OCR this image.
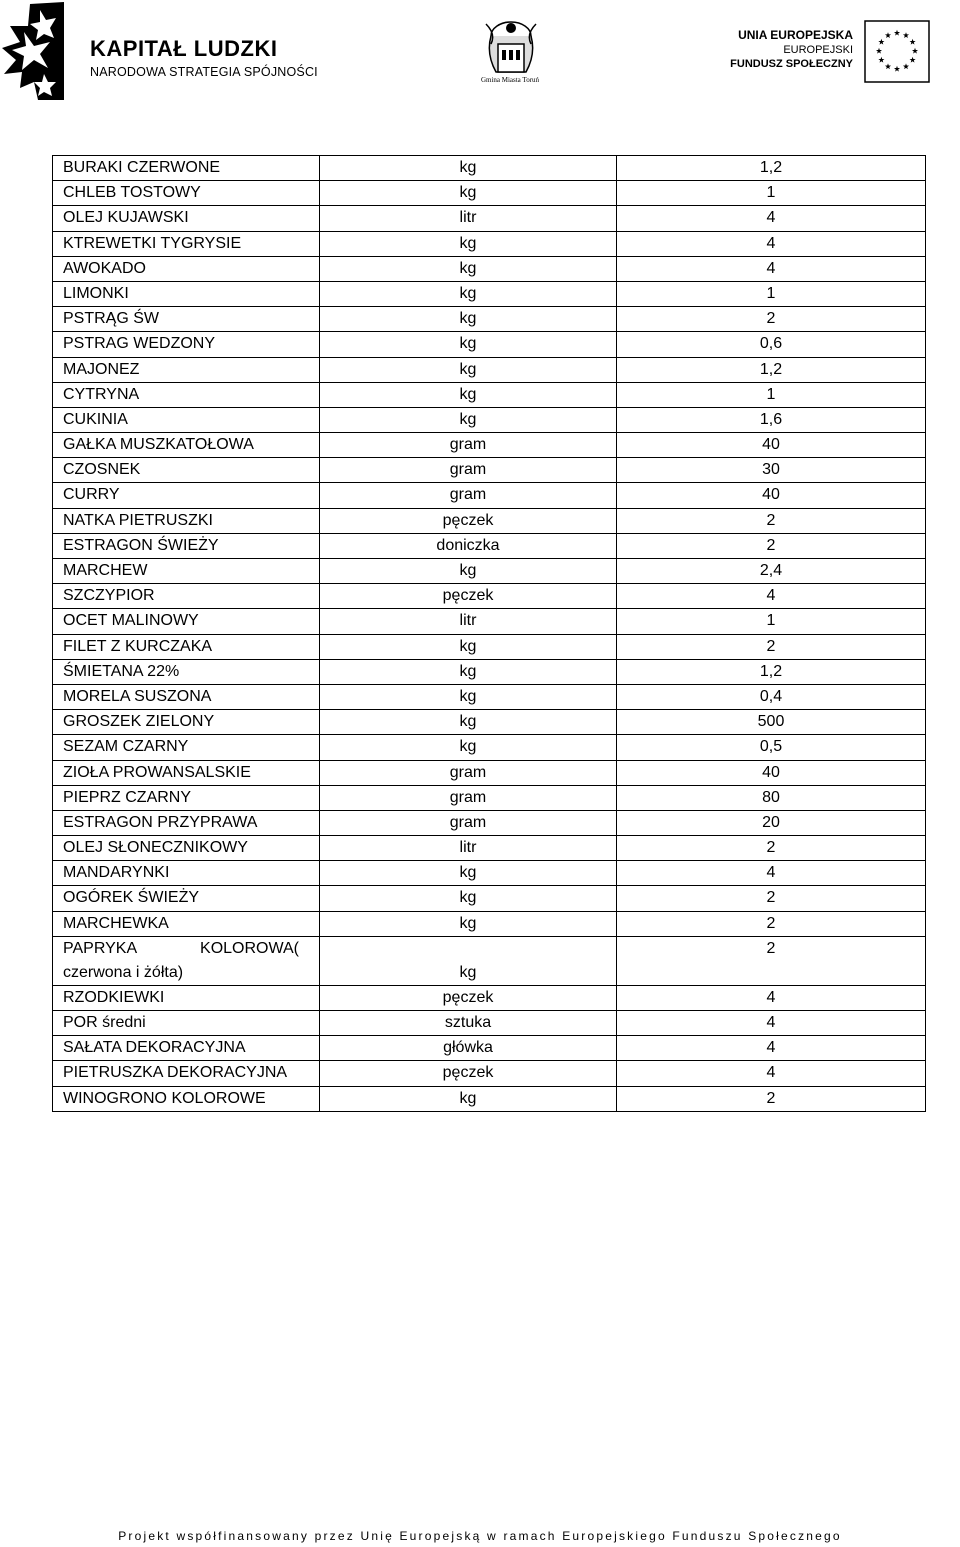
KAPITAŁ LUDZKI
NARODOWA STRATEGIA SPÓJNOŚCI
Gmina Miasta Toruń
UNIA EUROPEJSKA
EUROPEJSKI
FUNDUSZ SPOŁECZNY
BURAKI CZERWONE	kg	1,2
CHLEB TOSTOWY	kg	1
OLEJ KUJAWSKI	litr	4
KTREWETKI TYGRYSIE	kg	4
AWOKADO	kg	4
LIMONKI	kg	1
PSTRĄG ŚW	kg	2
PSTRAG WEDZONY	kg	0,6
MAJONEZ	kg	1,2
CYTRYNA	kg	1
CUKINIA	kg	1,6
GAŁKA MUSZKATOŁOWA	gram	40
CZOSNEK	gram	30
CURRY	gram	40
NATKA PIETRUSZKI	pęczek	2
ESTRAGON ŚWIEŻY	doniczka	2
MARCHEW	kg	2,4
SZCZYPIOR	pęczek	4
OCET MALINOWY	litr	1
FILET Z KURCZAKA	kg	2
ŚMIETANA 22%	kg	1,2
MORELA SUSZONA	kg	0,4
GROSZEK ZIELONY	kg	500
SEZAM CZARNY	kg	0,5
ZIOŁA PROWANSALSKIE	gram	40
PIEPRZ CZARNY	gram	80
ESTRAGON PRZYPRAWA	gram	20
OLEJ SŁONECZNIKOWY	litr	2
MANDARYNKI	kg	4
OGÓREK ŚWIEŻY	kg	2
MARCHEWKA	kg	2

PAPRYKA KOLOROWA(
czerwona i żółta)	kg	2
RZODKIEWKI	pęczek	4
POR średni	sztuka	4
SAŁATA DEKORACYJNA	główka	4
PIETRUSZKA DEKORACYJNA	pęczek	4
WINOGRONO KOLOROWE	kg	2
Projekt współfinansowany przez Unię Europejską w ramach Europejskiego Funduszu Społecznego
